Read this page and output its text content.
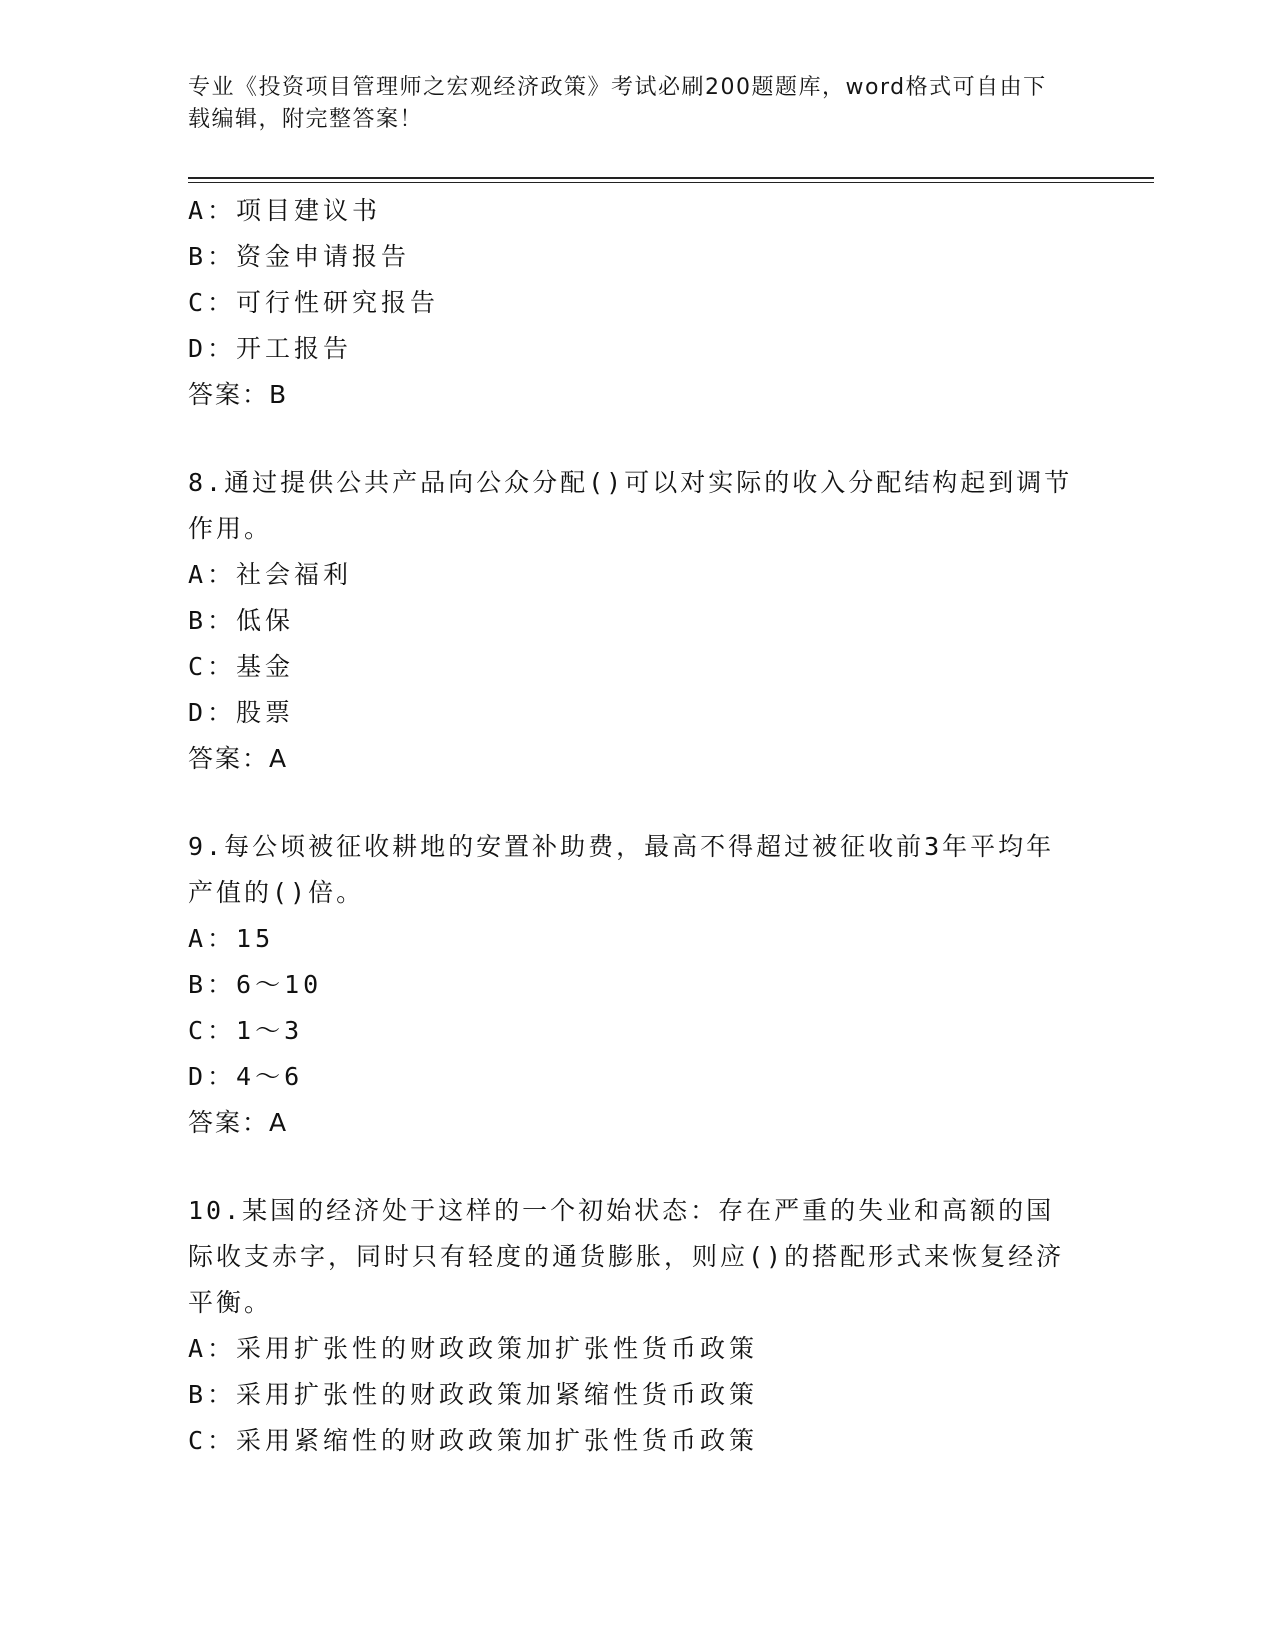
专业《投资项目管理师之宏观经济政策》考试必刷200题题库，word格式可自由下载编辑，附完整答案！
A：项目建议书
B：资金申请报告
C：可行性研究报告
D：开工报告
答案：B
8.通过提供公共产品向公众分配()可以对实际的收入分配结构起到调节作用。
A：社会福利
B：低保
C：基金
D：股票
答案：A
9.每公顷被征收耕地的安置补助费，最高不得超过被征收前3年平均年产值的()倍。
A：15
B：6～10
C：1～3
D：4～6
答案：A
10.某国的经济处于这样的一个初始状态：存在严重的失业和高额的国际收支赤字，同时只有轻度的通货膨胀，则应()的搭配形式来恢复经济平衡。
A：采用扩张性的财政政策加扩张性货币政策
B：采用扩张性的财政政策加紧缩性货币政策
C：采用紧缩性的财政政策加扩张性货币政策
